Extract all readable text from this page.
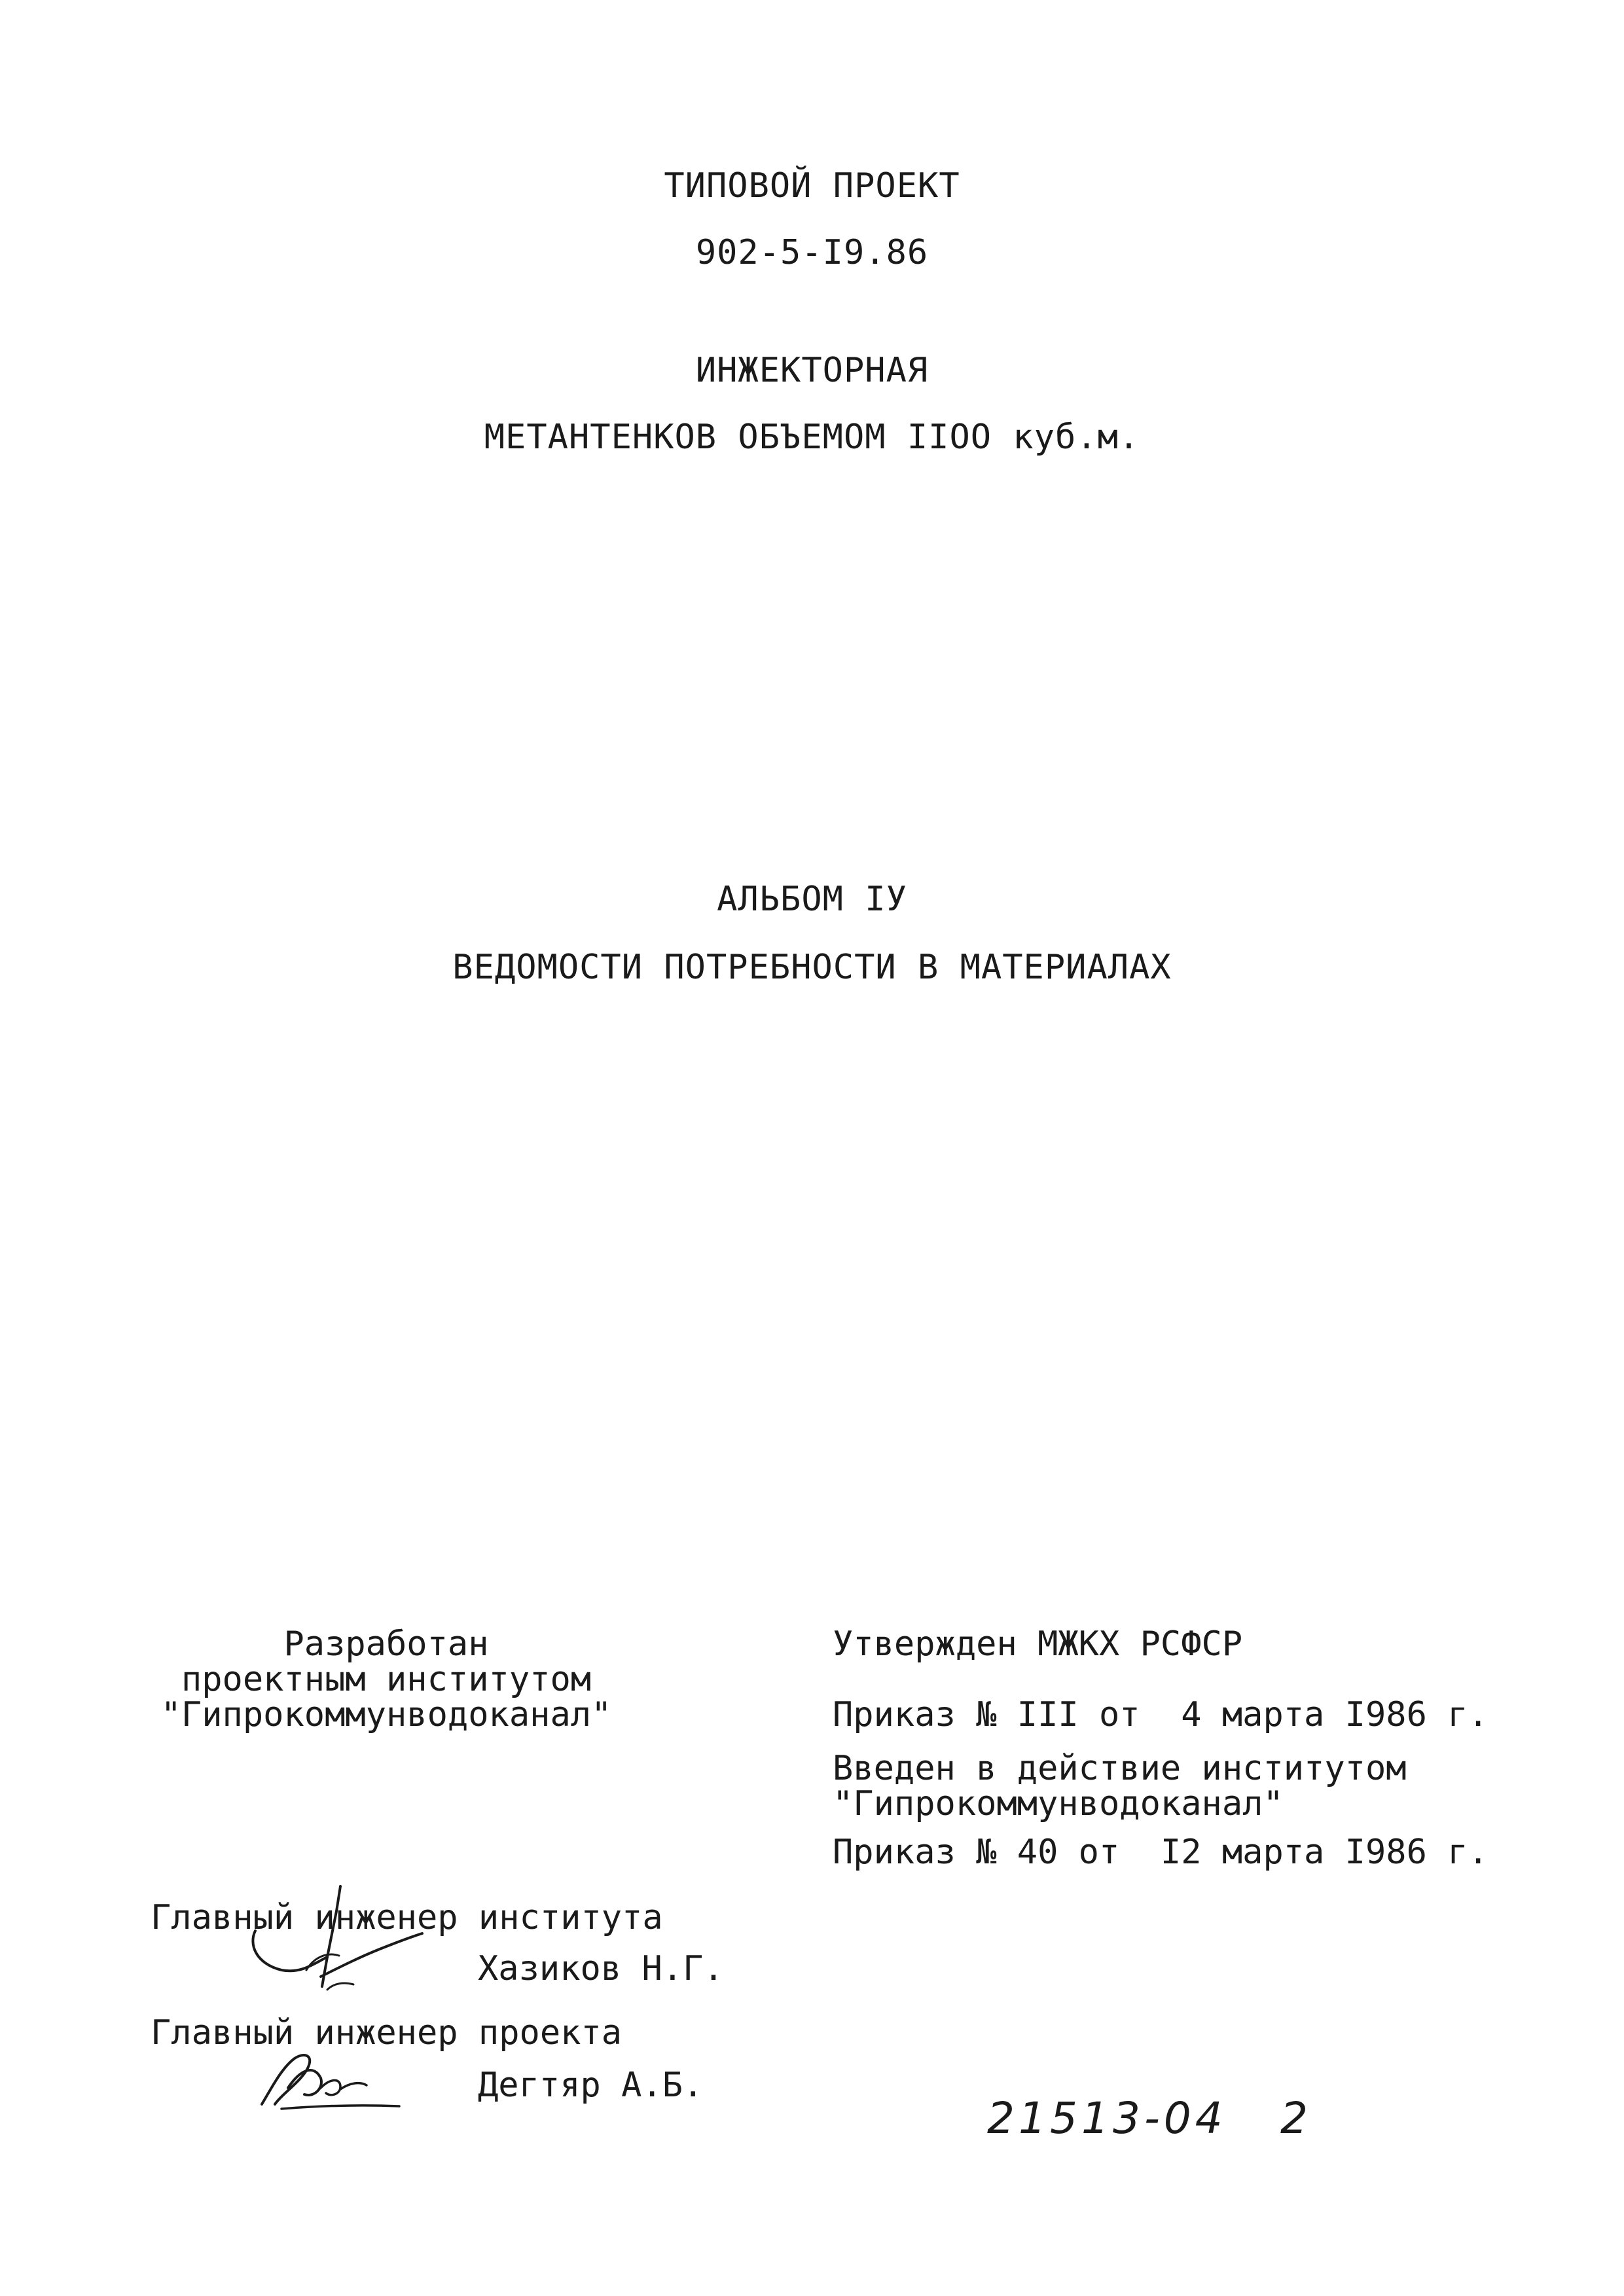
ТИПОВОЙ ПРОЕКТ
902-5-I9.86
ИНЖЕКТОРНАЯ
МЕТАНТЕНКОВ ОБЪЕМОМ IIOO куб.м.
АЛЬБОМ IУ
ВЕДОМОСТИ ПОТРЕБНОСТИ В МАТЕРИАЛАХ
Разработан
проектным институтом
"Гипрокоммунводоканал"
Утвержден МЖКХ РСФСР
Приказ № III от  4 марта I986 г.
Введен в действие институтом
"Гипрокоммунводоканал"
Приказ № 40 от  I2 марта I986 г.
Главный инженер института
Хазиков Н.Г.
Главный инженер проекта
Дегтяр А.Б.
21513-04 2
